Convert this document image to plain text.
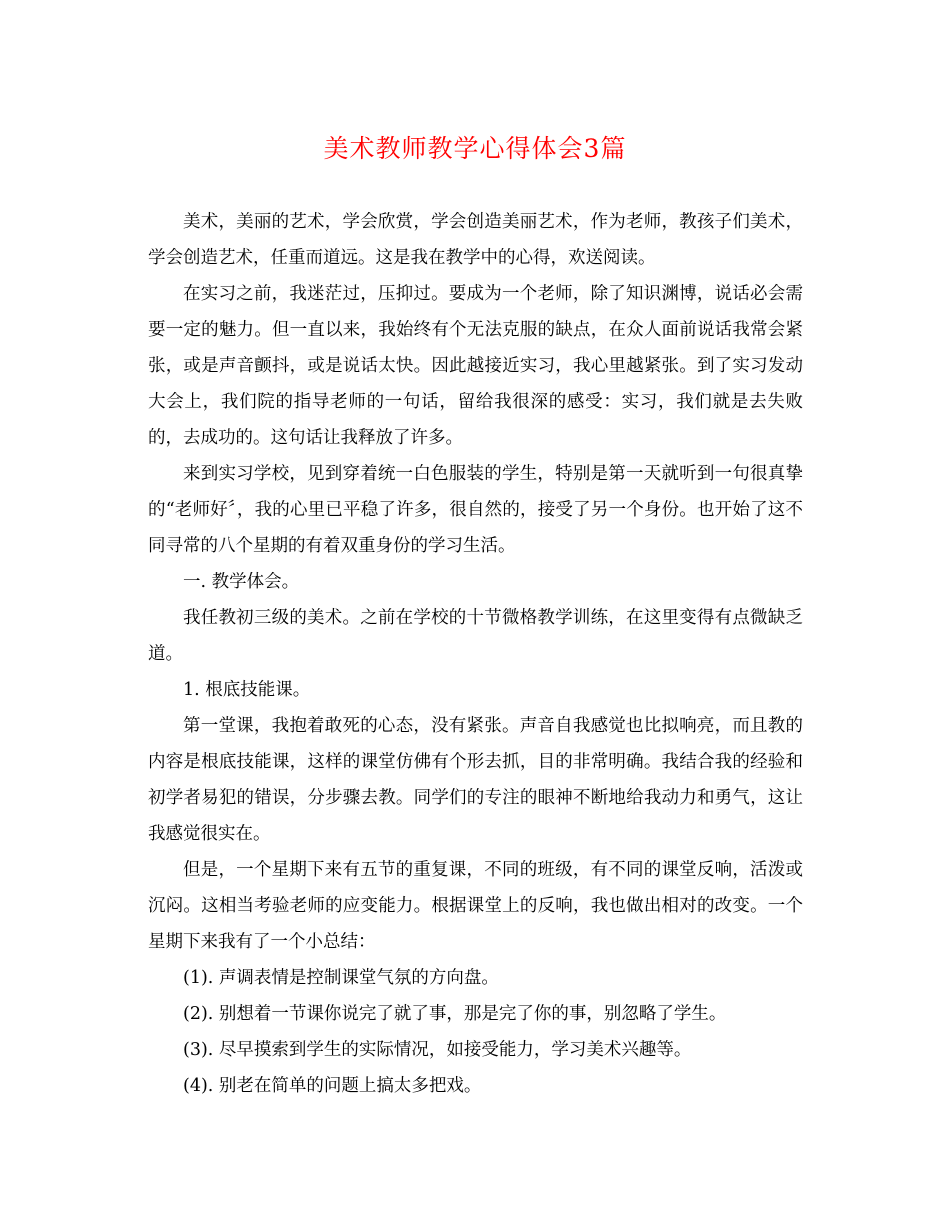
美术教师教学心得体会3篇

美术，美丽的艺术，学会欣赏，学会创造美丽艺术，作为老师，教孩子们美术，学会创造艺术，任重而道远。这是我在教学中的心得，欢送阅读。

在实习之前，我迷茫过，压抑过。要成为一个老师，除了知识渊博，说话必会需要一定的魅力。但一直以来，我始终有个无法克服的缺点，在众人面前说话我常会紧张，或是声音颤抖，或是说话太快。因此越接近实习，我心里越紧张。到了实习发动大会上，我们院的指导老师的一句话，留给我很深的感受：实习，我们就是去失败的，去成功的。这句话让我释放了许多。

来到实习学校，见到穿着统一白色服装的学生，特别是第一天就听到一句很真挚的“老师好〞，我的心里已平稳了许多，很自然的，接受了另一个身份。也开始了这不同寻常的八个星期的有着双重身份的学习生活。

一. 教学体会。

我任教初三级的美术。之前在学校的十节微格教学训练，在这里变得有点微缺乏道。

1. 根底技能课。

第一堂课，我抱着敢死的心态，没有紧张。声音自我感觉也比拟响亮，而且教的内容是根底技能课，这样的课堂仿佛有个形去抓，目的非常明确。我结合我的经验和初学者易犯的错误，分步骤去教。同学们的专注的眼神不断地给我动力和勇气，这让我感觉很实在。

但是，一个星期下来有五节的重复课，不同的班级，有不同的课堂反响，活泼或沉闷。这相当考验老师的应变能力。根据课堂上的反响，我也做出相对的改变。一个星期下来我有了一个小总结：

(1). 声调表情是控制课堂气氛的方向盘。

(2). 别想着一节课你说完了就了事，那是完了你的事，别忽略了学生。

(3). 尽早摸索到学生的实际情况，如接受能力，学习美术兴趣等。

(4). 别老在简单的问题上搞太多把戏。
